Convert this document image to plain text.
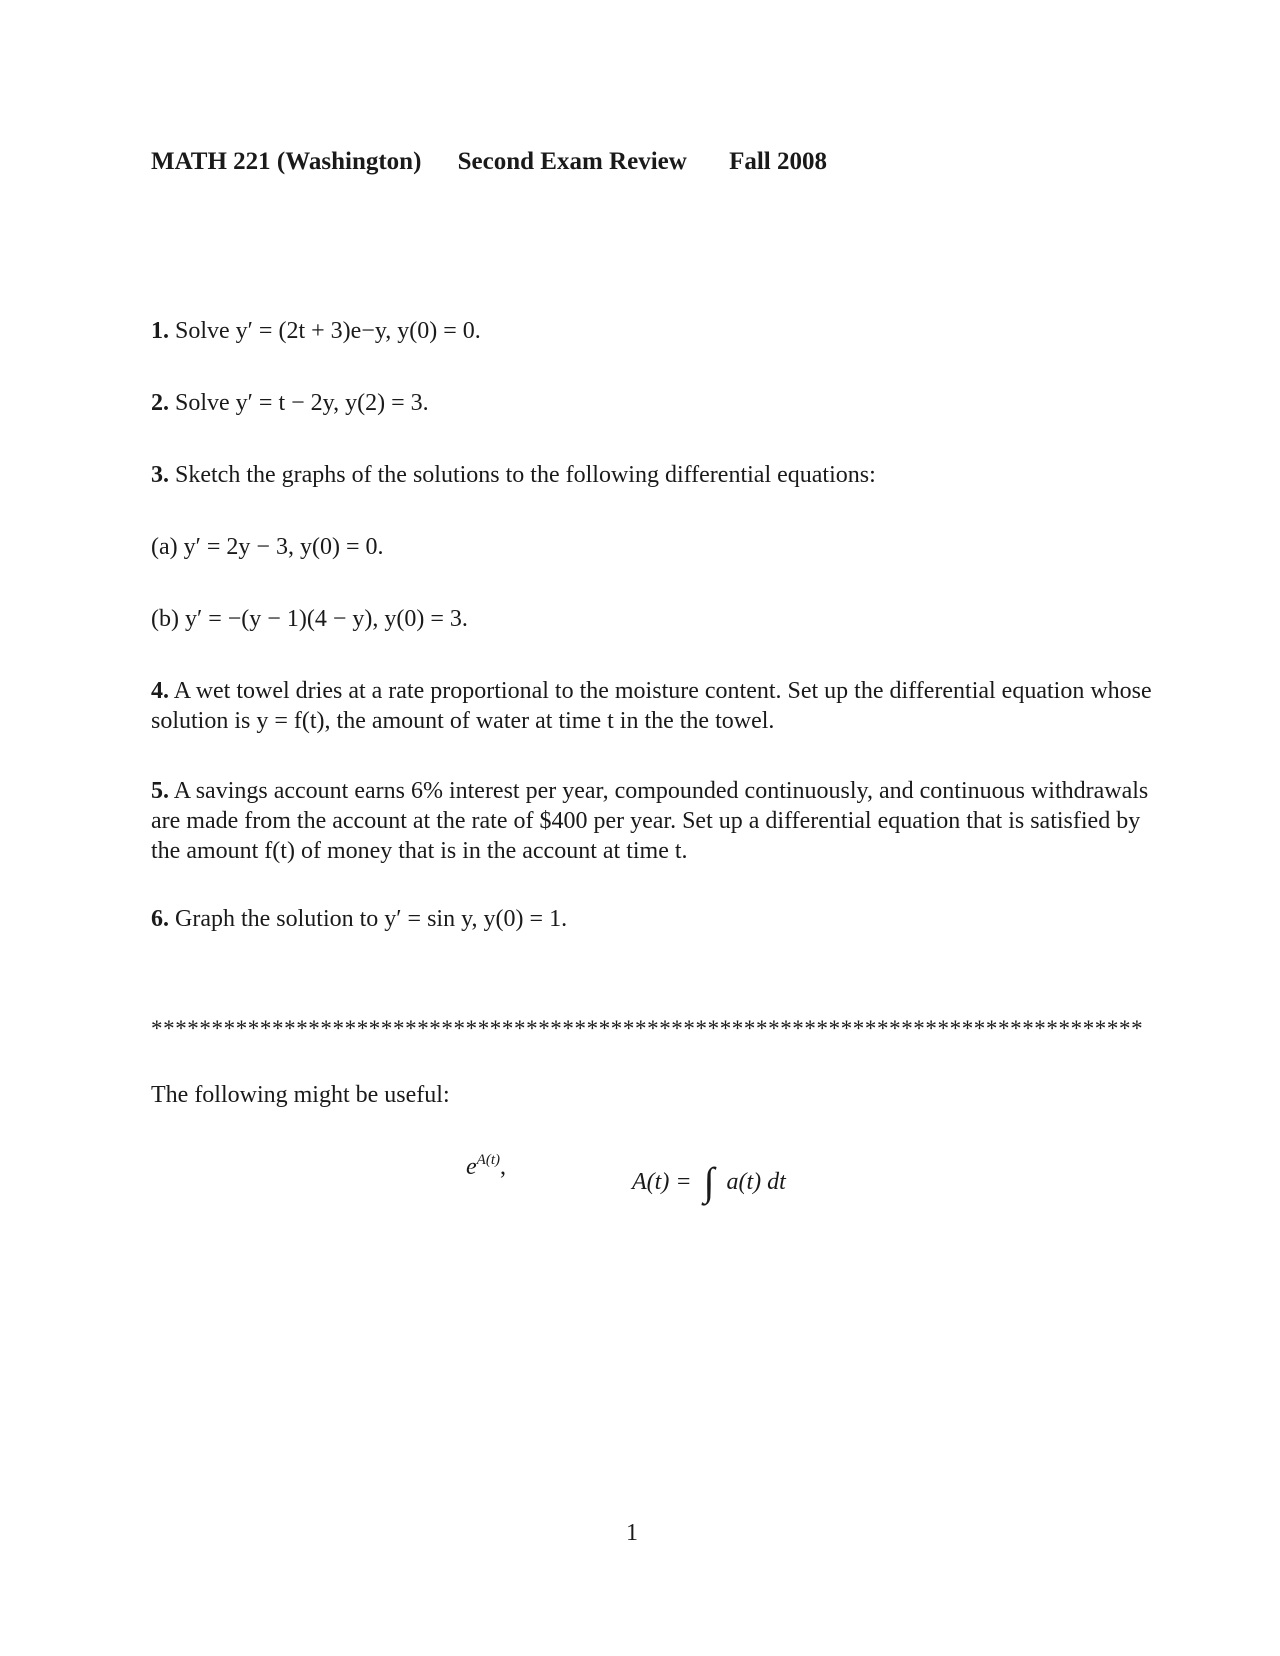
MATH 221 (Washington) Second Exam Review Fall 2008
1. Solve y′ = (2t + 3)e−y, y(0) = 0.
2. Solve y′ = t − 2y, y(2) = 3.
3. Sketch the graphs of the solutions to the following differential equations:
(a) y′ = 2y − 3, y(0) = 0.
(b) y′ = −(y − 1)(4 − y), y(0) = 3.
4. A wet towel dries at a rate proportional to the moisture content. Set up the differential equation whose solution is y = f(t), the amount of water at time t in the the towel.
5. A savings account earns 6% interest per year, compounded continuously, and continuous withdrawals are made from the account at the rate of $400 per year. Set up a differential equation that is satisfied by the amount f(t) of money that is in the account at time t.
6. Graph the solution to y′ = sin y, y(0) = 1.
**********************************************************************************
The following might be useful:
$e^{A(t)}$,
A(t) = ∫ a(t) dt
1
